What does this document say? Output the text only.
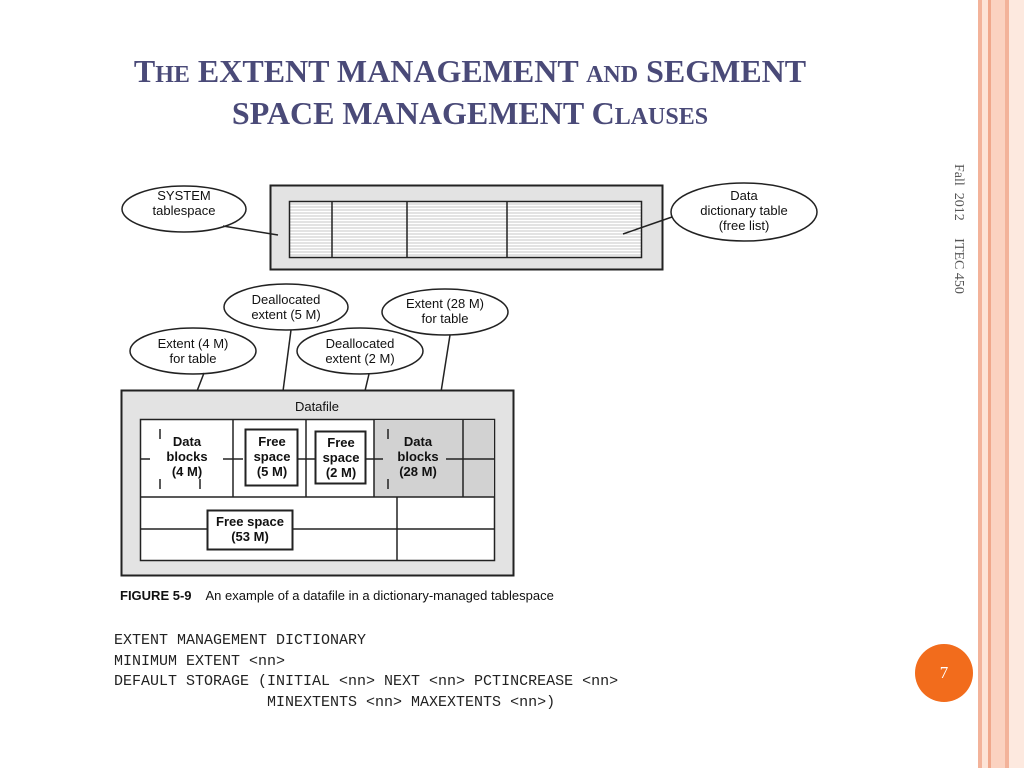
THE EXTENT MANAGEMENT AND SEGMENT
SPACE MANAGEMENT CLAUSES
Fall  2012     ITEC 450
7
SYSTEM
tablespace
Data
dictionary table
(free list)
Deallocated
extent (5 M)
Extent (28 M)
for table
Extent (4 M)
for table
Deallocated
extent (2 M)
Datafile
Data
blocks
(4 M)
Free
space
(5 M)
Free
space
(2 M)
Data
blocks
(28 M)
Free space
(53 M)
FIGURE 5-9 An example of a datafile in a dictionary-managed tablespace
EXTENT MANAGEMENT DICTIONARY
MINIMUM EXTENT <nn>
DEFAULT STORAGE (INITIAL <nn> NEXT <nn> PCTINCREASE <nn>
MINEXTENTS <nn> MAXEXTENTS <nn>)
